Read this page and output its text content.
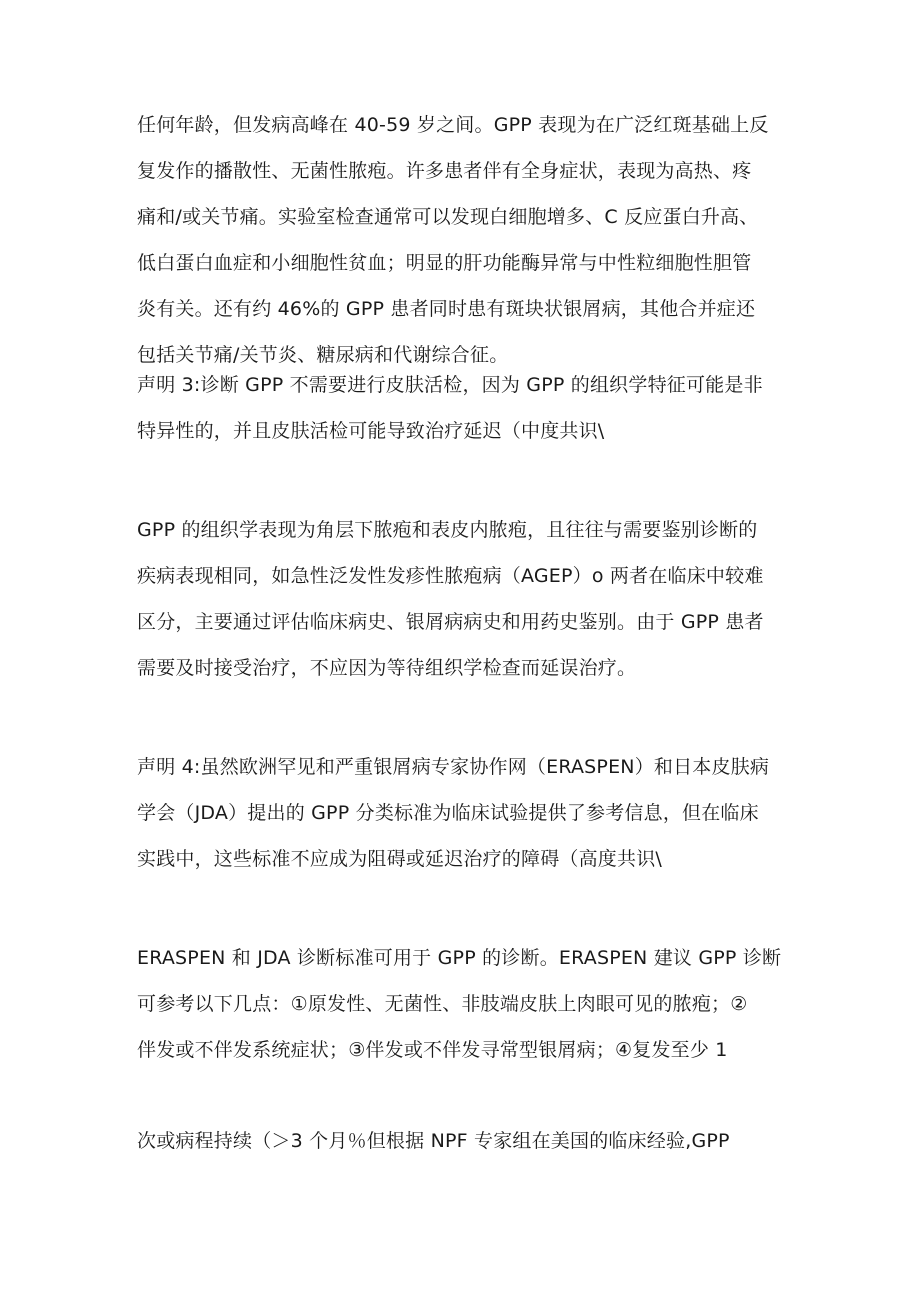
任何年龄，但发病高峰在 40-59 岁之间。GPP 表现为在广泛红斑基础上反
复发作的播散性、无菌性脓疱。许多患者伴有全身症状，表现为高热、疼
痛和/或关节痛。实验室检查通常可以发现白细胞增多、C 反应蛋白升高、
低白蛋白血症和小细胞性贫血；明显的肝功能酶异常与中性粒细胞性胆管
炎有关。还有约 46%的 GPP 患者同时患有斑块状银屑病，其他合并症还
包括关节痛/关节炎、糖尿病和代谢综合征。
声明 3:诊断 GPP 不需要进行皮肤活检，因为 GPP 的组织学特征可能是非
特异性的，并且皮肤活检可能导致治疗延迟（中度共识\
GPP 的组织学表现为角层下脓疱和表皮内脓疱，且往往与需要鉴别诊断的
疾病表现相同，如急性泛发性发疹性脓疱病（AGEP）o 两者在临床中较难
区分，主要通过评估临床病史、银屑病病史和用药史鉴别。由于 GPP 患者
需要及时接受治疗，不应因为等待组织学检查而延误治疗。
声明 4:虽然欧洲罕见和严重银屑病专家协作网（ERASPEN）和日本皮肤病
学会（JDA）提出的 GPP 分类标准为临床试验提供了参考信息，但在临床
实践中，这些标准不应成为阻碍或延迟治疗的障碍（高度共识\
ERASPEN 和 JDA 诊断标准可用于 GPP 的诊断。ERASPEN 建议 GPP 诊断
可参考以下几点：①原发性、无菌性、非肢端皮肤上肉眼可见的脓疱；②
伴发或不伴发系统症状；③伴发或不伴发寻常型银屑病；④复发至少 1
次或病程持续（＞3 个月％但根据 NPF 专家组在美国的临床经验,GPP
